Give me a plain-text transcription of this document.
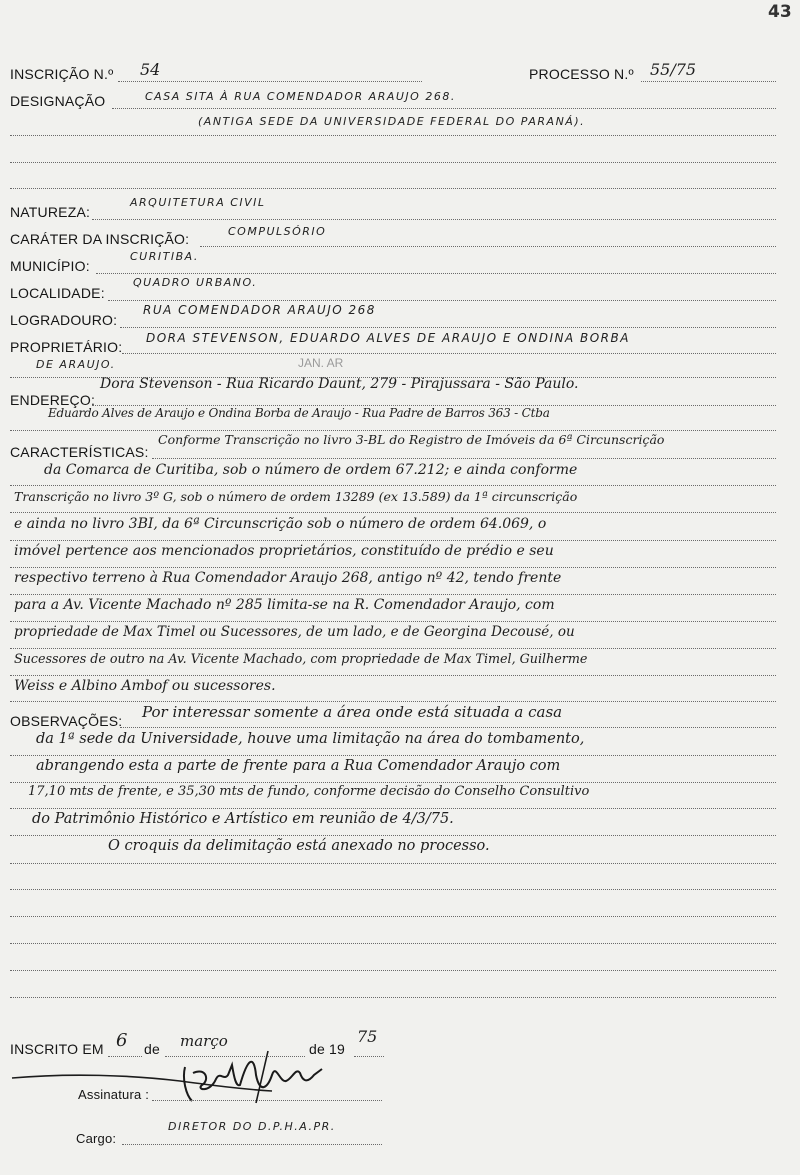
43
INSCRIÇÃO N.º 54	PROCESSO N.º 55/75
DESIGNAÇÃO	CASA SITA À RUA COMENDADOR ARAUJO 268.
(ANTIGA SEDE DA UNIVERSIDADE FEDERAL DO PARANÁ).
NATUREZA:
ARQUITETURA CIVIL
CARÁTER DA INSCRIÇÃO:	COMPULSÓRIO
MUNICÍPIO:
CURITIBA.
LOCALIDADE:
QUADRO URBANO.
LOGRADOURO:
RUA COMENDADOR ARAUJO 268
PROPRIETÁRIO:
DORA STEVENSON, EDUARDO ALVES DE ARAUJO E ONDINA BORBA
DE ARAUJO.	JAN. AR
ENDEREÇO:
Dora Stevenson - Rua Ricardo Daunt, 279 - Pirajussara - São Paulo.
Eduardo Alves de Araujo e Ondina Borba de Araujo - Rua Padre de Barros 363 - Ctba
CARACTERÍSTICAS:
Conforme Transcrição no livro 3-BL do Registro de Imóveis da 6ª Circunscrição
da Comarca de Curitiba, sob o número de ordem 67.212; e ainda conforme
Transcrição no livro 3º G, sob o número de ordem 13289 (ex 13.589) da 1ª circunscrição
e ainda no livro 3BI, da 6ª Circunscrição sob o número de ordem 64.069, o
imóvel pertence aos mencionados proprietários, constituído de prédio e seu
respectivo terreno à Rua Comendador Araujo 268, antigo nº 42, tendo frente
para a Av. Vicente Machado nº 285 limita-se na R. Comendador Araujo, com
propriedade de Max Timel ou Sucessores, de um lado, e de Georgina Decousé, ou
Sucessores de outro na Av. Vicente Machado, com propriedade de Max Timel, Guilherme
Weiss e Albino Ambof ou sucessores.
OBSERVAÇÕES: Por interessar somente a área onde está situada a casa
da 1ª sede da Universidade, houve uma limitação na área do tombamento,
abrangendo esta a parte de frente para a Rua Comendador Araujo com
17,10 mts de frente, e 35,30 mts de fundo, conforme decisão do Conselho Consultivo
do Patrimônio Histórico e Artístico em reunião de 4/3/75.
O croquis da delimitação está anexado no processo.
INSCRITO EM 6 de março	de 19
75
Assinatura :
Cargo:
DIRETOR DO D.P.H.A.PR.
